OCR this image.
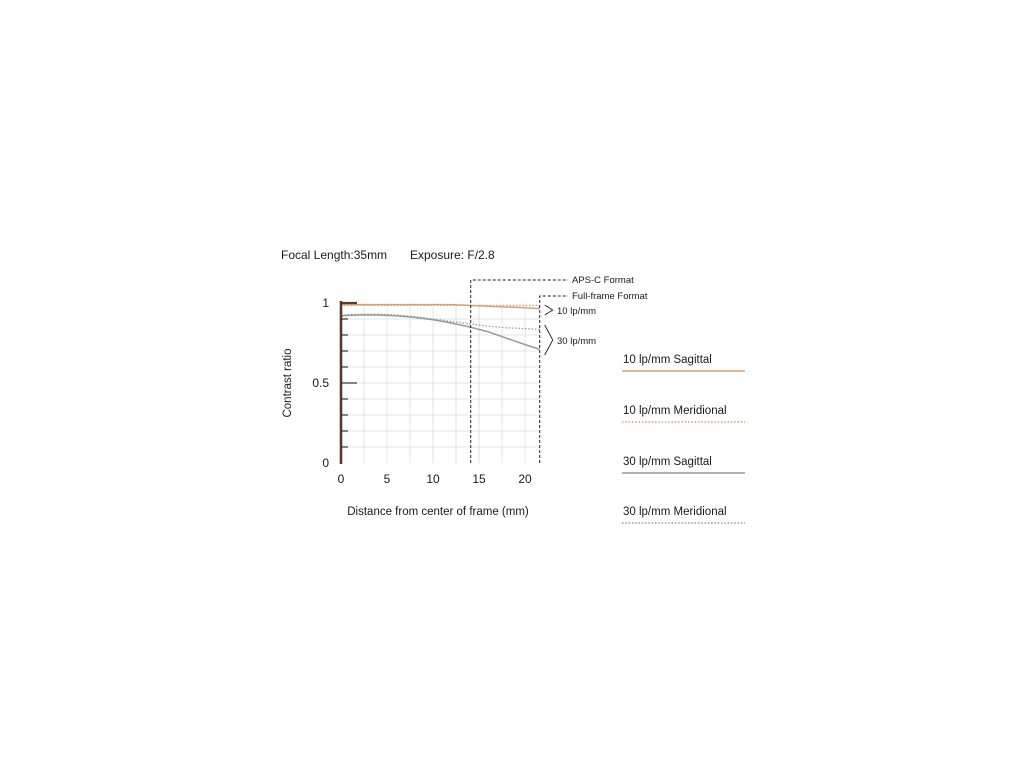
Focal Length:35mm Exposure: F/2.8
0
0.5
1
0	5	10	15	20
Distance from center of frame (mm)
Contrast ratio
APS-C Format
Full-frame Format
10 lp/mm
30 lp/mm
10 lp/mm Sagittal
10 lp/mm Meridional
30 lp/mm Sagittal
30 lp/mm Meridional
